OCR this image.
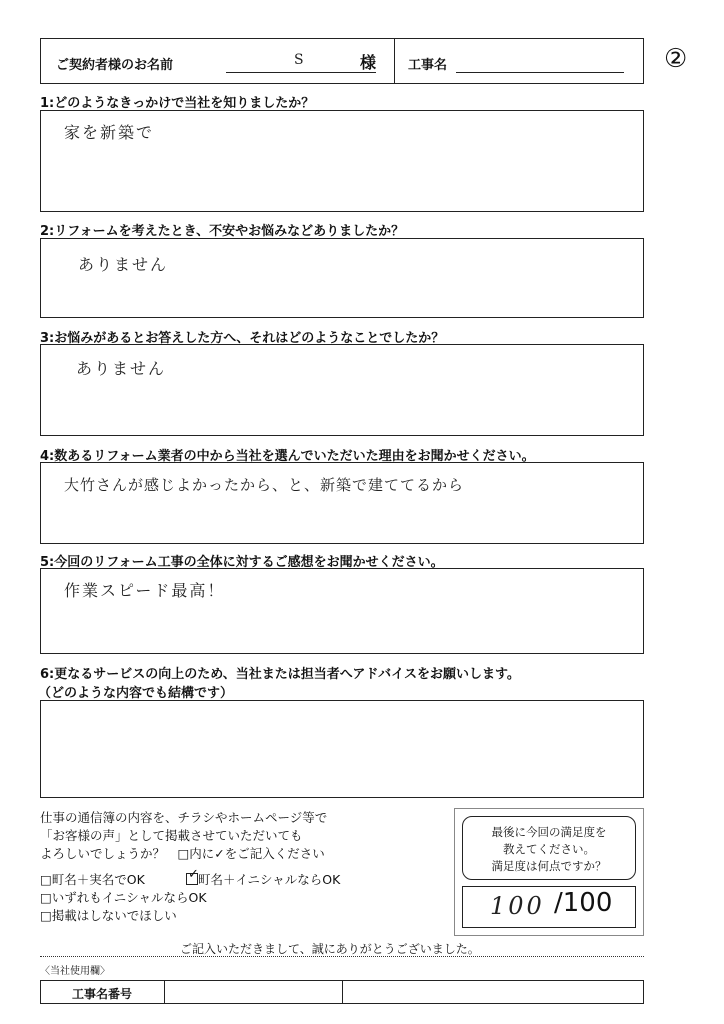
②
ご契約者様のお名前	S	様 工事名
1:どのようなきっかけで当社を知りましたか？
家を新築で
2:リフォームを考えたとき、不安やお悩みなどありましたか？
ありません
3:お悩みがあるとお答えした方へ、それはどのようなことでしたか？
ありません
4:数あるリフォーム業者の中から当社を選んでいただいた理由をお聞かせください。
大竹さんが感じよかったから、と、新築で建ててるから
5:今回のリフォーム工事の全体に対するご感想をお聞かせください。
作業スピード最高！
6:更なるサービスの向上のため、当社または担当者へアドバイスをお願いします。
（どのような内容でも結構です）
仕事の通信簿の内容を、チラシやホームページ等で
「お客様の声」として掲載させていただいても
よろしいでしょうか？　□内に✓をご記入ください
□町名＋実名でOK	✓ 町名＋イニシャルならOK
□いずれもイニシャルならOK
□掲載はしないでほしい
最後に今回の満足度を
教えてください。
満足度は何点ですか？
100 /100
ご記入いただきまして、誠にありがとうございました。
〈当社使用欄〉
工事名番号
